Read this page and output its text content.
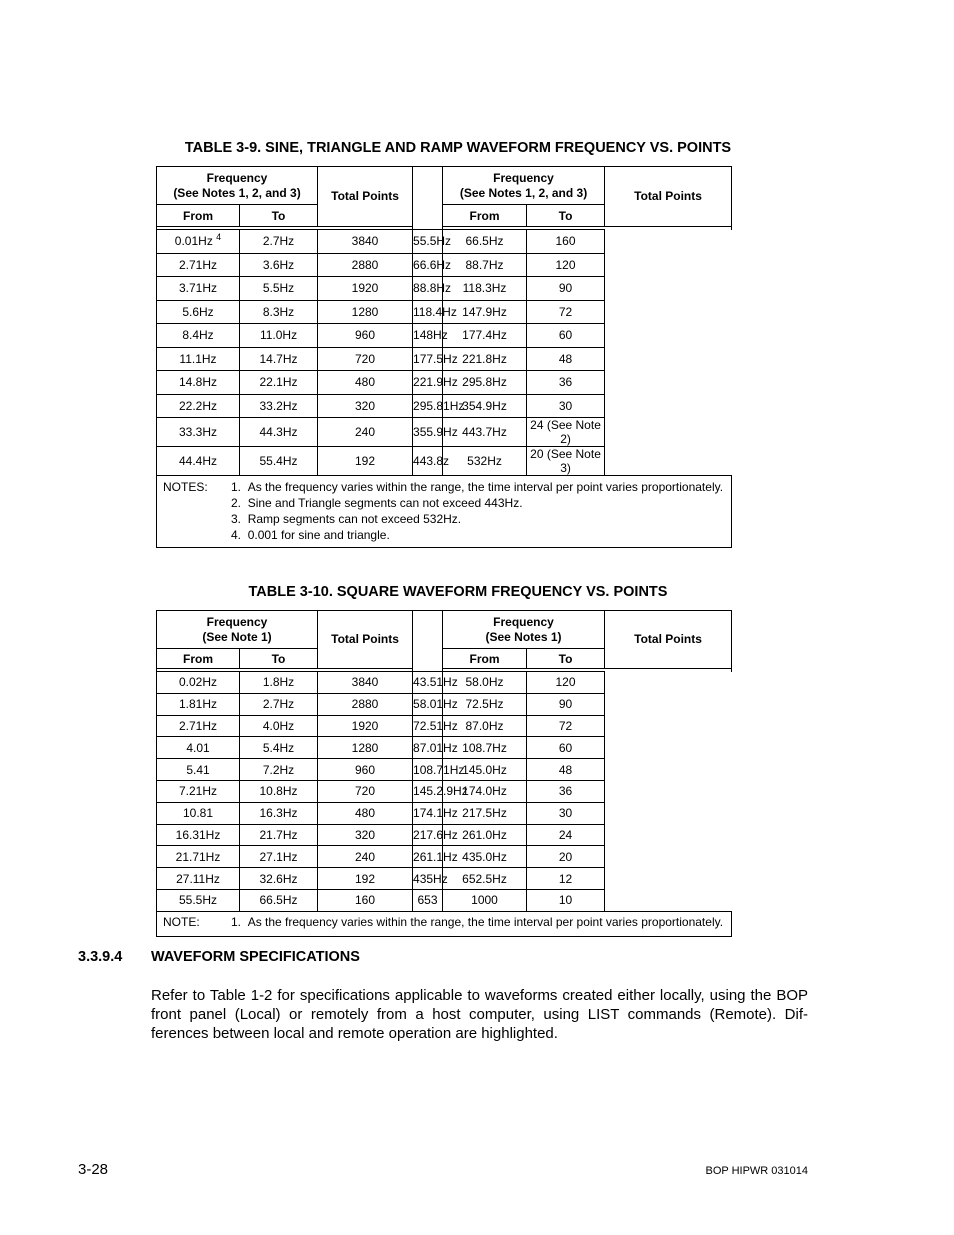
TABLE 3-9. SINE, TRIANGLE AND RAMP WAVEFORM FREQUENCY VS. POINTS
Frequency
(See Notes 1, 2, and 3)		Total Points		Frequency
(See Notes 1, 2, and 3)		Total Points
From	To			From	To	

0.01Hz $^4$	2.7Hz	3840	55.5Hz	66.5Hz	160	
2.71Hz	3.6Hz	2880	66.6Hz	88.7Hz	120	
3.71Hz	5.5Hz	1920	88.8Hz	118.3Hz	90	
5.6Hz	8.3Hz	1280	118.4Hz	147.9Hz	72	
8.4Hz	11.0Hz	960	148Hz	177.4Hz	60	
11.1Hz	14.7Hz	720	177.5Hz	221.8Hz	48	
14.8Hz	22.1Hz	480	221.9Hz	295.8Hz	36	
22.2Hz	33.2Hz	320	295.81Hz	354.9Hz	30	
33.3Hz	44.3Hz	240	355.9Hz	443.7Hz	24 (See Note 2)	
44.4Hz	55.4Hz	192	443.8z	532Hz	20 (See Note 3)	

NOTES: 1. As the frequency varies within the range, the time interval per point varies proportionately.
2. Sine and Triangle segments can not exceed 443Hz.
3. Ramp segments can not exceed 532Hz.
4. 0.001 for sine and triangle.						
TABLE 3-10. SQUARE WAVEFORM FREQUENCY VS. POINTS
Frequency
(See Note 1)		Total Points		Frequency
(See Notes 1)		Total Points
From	To			From	To	

0.02Hz	1.8Hz	3840	43.51Hz	58.0Hz	120	
1.81Hz	2.7Hz	2880	58.01Hz	72.5Hz	90	
2.71Hz	4.0Hz	1920	72.51Hz	87.0Hz	72	
4.01	5.4Hz	1280	87.01Hz	108.7Hz	60	
5.41	7.2Hz	960	108.71Hz	145.0Hz	48	
7.21Hz	10.8Hz	720	145.2.9Hz	174.0Hz	36	
10.81	16.3Hz	480	174.1Hz	217.5Hz	30	
16.31Hz	21.7Hz	320	217.6Hz	261.0Hz	24	
21.71Hz	27.1Hz	240	261.1Hz	435.0Hz	20	
27.11Hz	32.6Hz	192	435Hz	652.5Hz	12	
55.5Hz	66.5Hz	160	653	1000	10	

NOTE: 1. As the frequency varies within the range, the time interval per point varies proportionately.						
3.3.9.4 WAVEFORM SPECIFICATIONS
Refer to Table 1-2 for specifications applicable to waveforms created either locally, using the BOP front panel (Local) or remotely from a host computer, using LIST commands (Remote). Dif-ferences between local and remote operation are highlighted.
3-28	BOP HIPWR 031014
